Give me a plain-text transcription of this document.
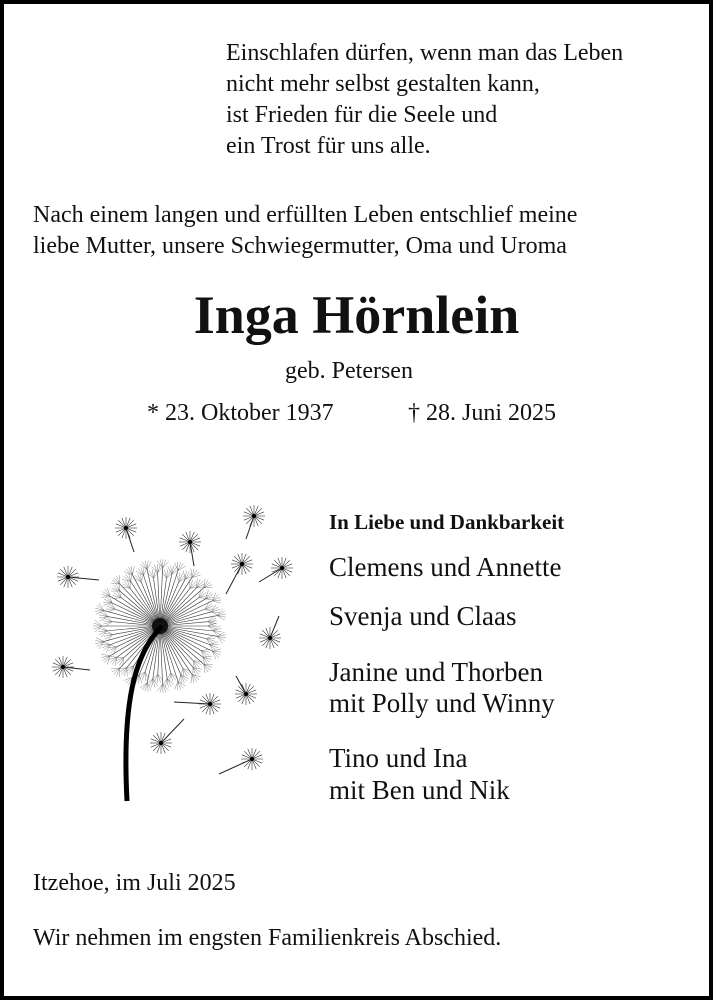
Einschlafen dürfen, wenn man das Leben

nicht mehr selbst gestalten kann,

ist Frieden für die Seele und

ein Trost für uns alle.

Nach einem langen und erfüllten Leben entschlief meine

liebe Mutter, unsere Schwiegermutter, Oma und Uroma

Inga Hörnlein

geb. Petersen

* 23. Oktober 1937	† 28. Juni 2025

In Liebe und Dankbarkeit

Clemens und Annette

Svenja und Claas

Janine und Thorben

mit Polly und Winny

Tino und Ina

mit Ben und Nik

Itzehoe, im Juli 2025

Wir nehmen im engsten Familienkreis Abschied.
